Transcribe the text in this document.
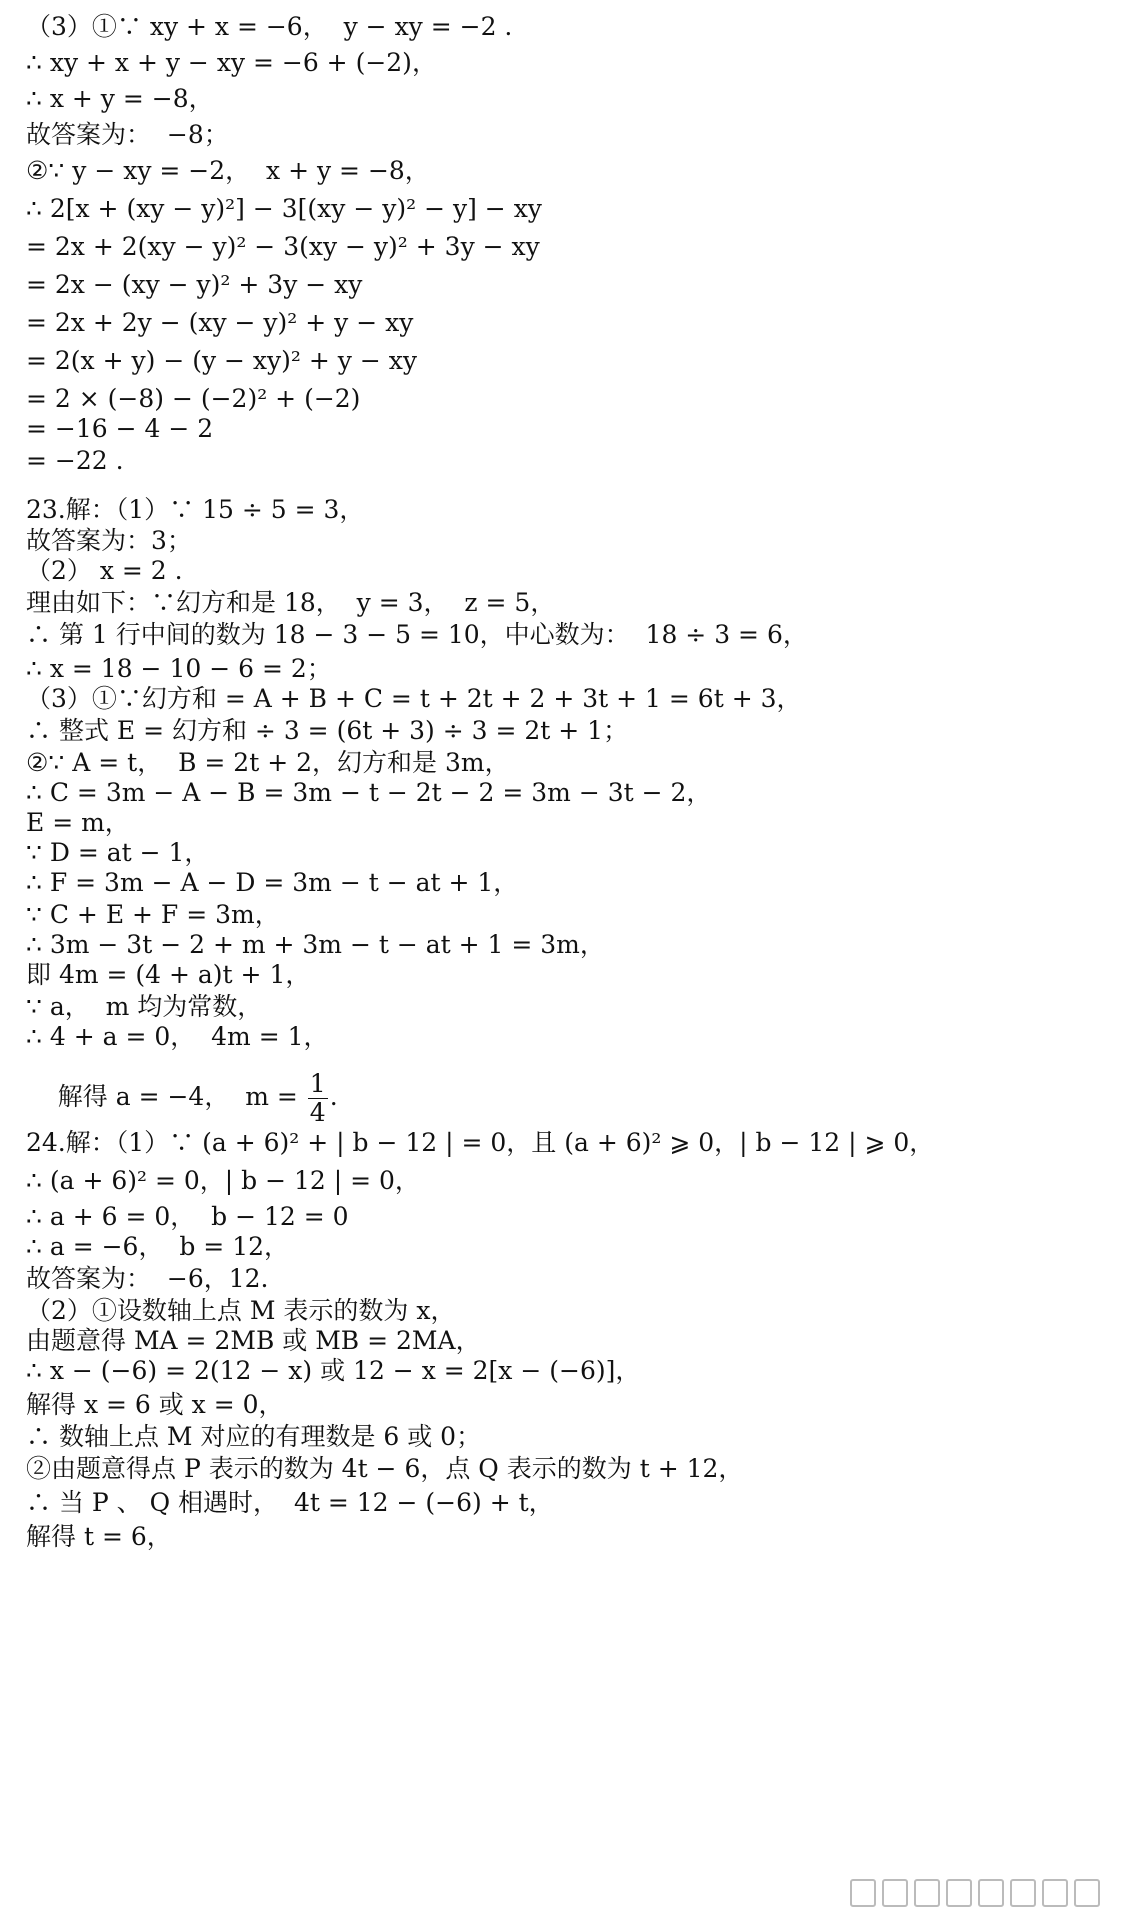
（3）①∵ xy + x = −6，  y − xy = −2 .
∴ xy + x + y − xy = −6 + (−2)，
∴ x + y = −8，
故答案为：  −8；
②∵ y − xy = −2，  x + y = −8，
∴ 2[x + (xy − y)²] − 3[(xy − y)² − y] − xy
= 2x + 2(xy − y)² − 3(xy − y)² + 3y − xy
= 2x − (xy − y)² + 3y − xy
= 2x + 2y − (xy − y)² + y − xy
= 2(x + y) − (y − xy)² + y − xy
= 2 × (−8) − (−2)² + (−2)
= −16 − 4 − 2
= −22 .
23.解：（1）∵ 15 ÷ 5 = 3，
故答案为：3；
（2） x = 2 .
理由如下：∵幻方和是 18，  y = 3，  z = 5，
∴ 第 1 行中间的数为 18 − 3 − 5 = 10，中心数为：  18 ÷ 3 = 6，
∴ x = 18 − 10 − 6 = 2；
（3）①∵幻方和 = A + B + C = t + 2t + 2 + 3t + 1 = 6t + 3，
∴ 整式 E = 幻方和 ÷ 3 = (6t + 3) ÷ 3 = 2t + 1；
②∵ A = t，  B = 2t + 2，幻方和是 3m，
∴ C = 3m − A − B = 3m − t − 2t − 2 = 3m − 3t − 2，
E = m，
∵ D = at − 1，
∴ F = 3m − A − D = 3m − t − at + 1，
∵ C + E + F = 3m，
∴ 3m − 3t − 2 + m + 3m − t − at + 1 = 3m，
即 4m = (4 + a)t + 1，
∵ a，  m 均为常数，
∴ 4 + a = 0，  4m = 1，

解得 a = −4，  $m = \frac{1}{4}$ .

24.解：（1）∵ (a + 6)² + | b − 12 | = 0，且 (a + 6)² ⩾ 0，| b − 12 | ⩾ 0，
∴ (a + 6)² = 0，| b − 12 | = 0，
∴ a + 6 = 0，  b − 12 = 0
∴ a = −6，  b = 12，
故答案为：  −6，12.
（2）①设数轴上点 M 表示的数为 x，
由题意得 MA = 2MB 或 MB = 2MA，
∴ x − (−6) = 2(12 − x) 或 12 − x = 2[x − (−6)]，
解得 x = 6 或 x = 0，
∴ 数轴上点 M 对应的有理数是 6 或 0；
②由题意得点 P 表示的数为 4t − 6，点 Q 表示的数为 t + 12，
∴ 当 P 、 Q 相遇时，  4t = 12 − (−6) + t，
解得 t = 6，
